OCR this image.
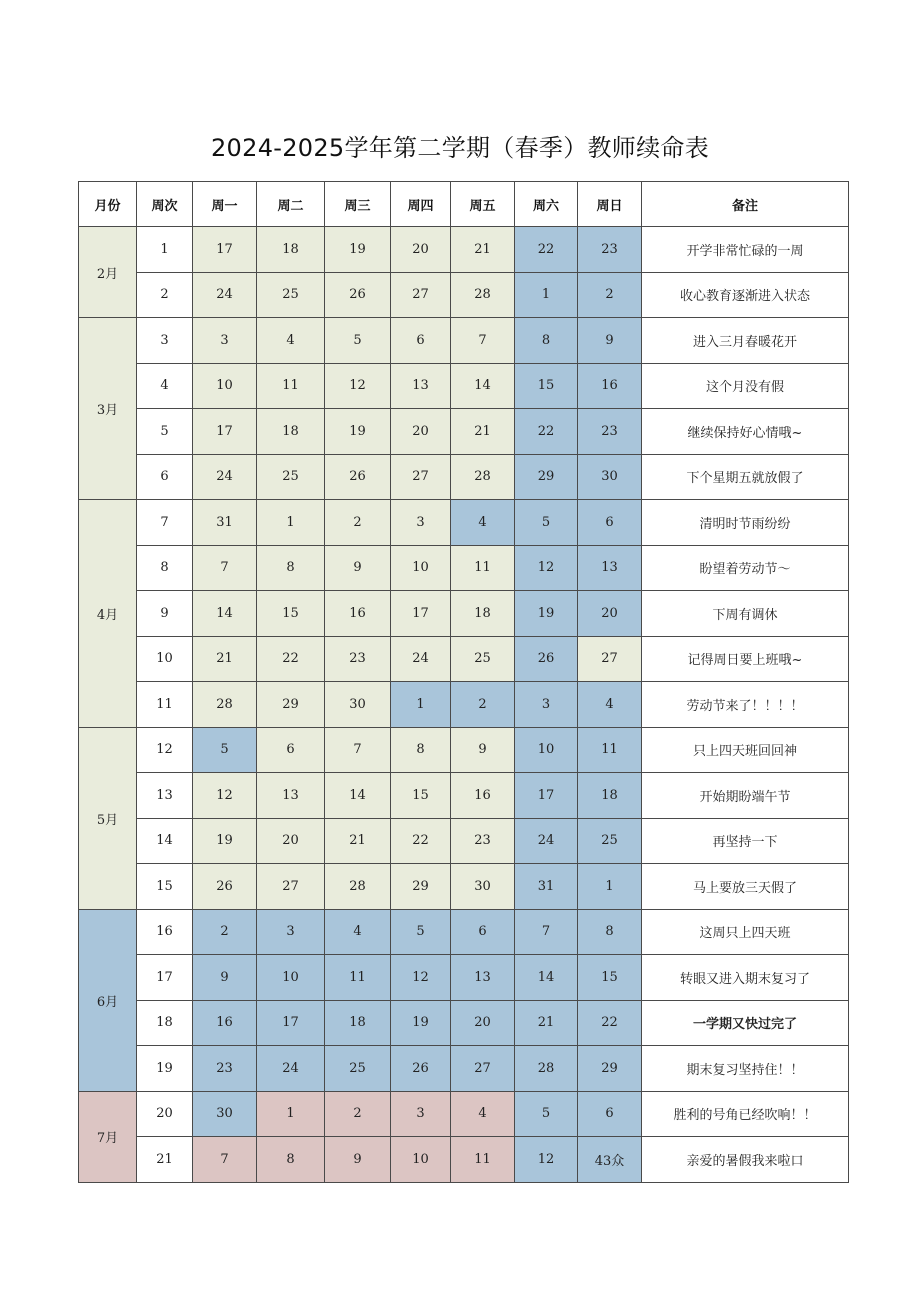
2024-2025学年第二学期（春季）教师续命表
月份	周次	周一	周二	周三	周四	周五	周六	周日	备注
2月	1	17	18	19	20	21	22	23	开学非常忙碌的一周
	2	24	25	26	27	28	1	2	收心教育逐渐进入状态
3月	3	3	4	5	6	7	8	9	进入三月春暖花开
	4	10	11	12	13	14	15	16	这个月没有假
	5	17	18	19	20	21	22	23	继续保持好心情哦~
	6	24	25	26	27	28	29	30	下个星期五就放假了
4月	7	31	1	2	3	4	5	6	清明时节雨纷纷
	8	7	8	9	10	11	12	13	盼望着劳动节～
	9	14	15	16	17	18	19	20	下周有调休
	10	21	22	23	24	25	26	27	记得周日要上班哦~
	11	28	29	30	1	2	3	4	劳动节来了！！！！
5月	12	5	6	7	8	9	10	11	只上四天班回回神
	13	12	13	14	15	16	17	18	开始期盼端午节
	14	19	20	21	22	23	24	25	再坚持一下
	15	26	27	28	29	30	31	1	马上要放三天假了
6月	16	2	3	4	5	6	7	8	这周只上四天班
	17	9	10	11	12	13	14	15	转眼又进入期末复习了
	18	16	17	18	19	20	21	22	一学期又快过完了
	19	23	24	25	26	27	28	29	期末复习坚持住！！
7月	20	30	1	2	3	4	5	6	胜利的号角已经吹响！！
	21	7	8	9	10	11	12	43众	亲爱的暑假我来啦口
